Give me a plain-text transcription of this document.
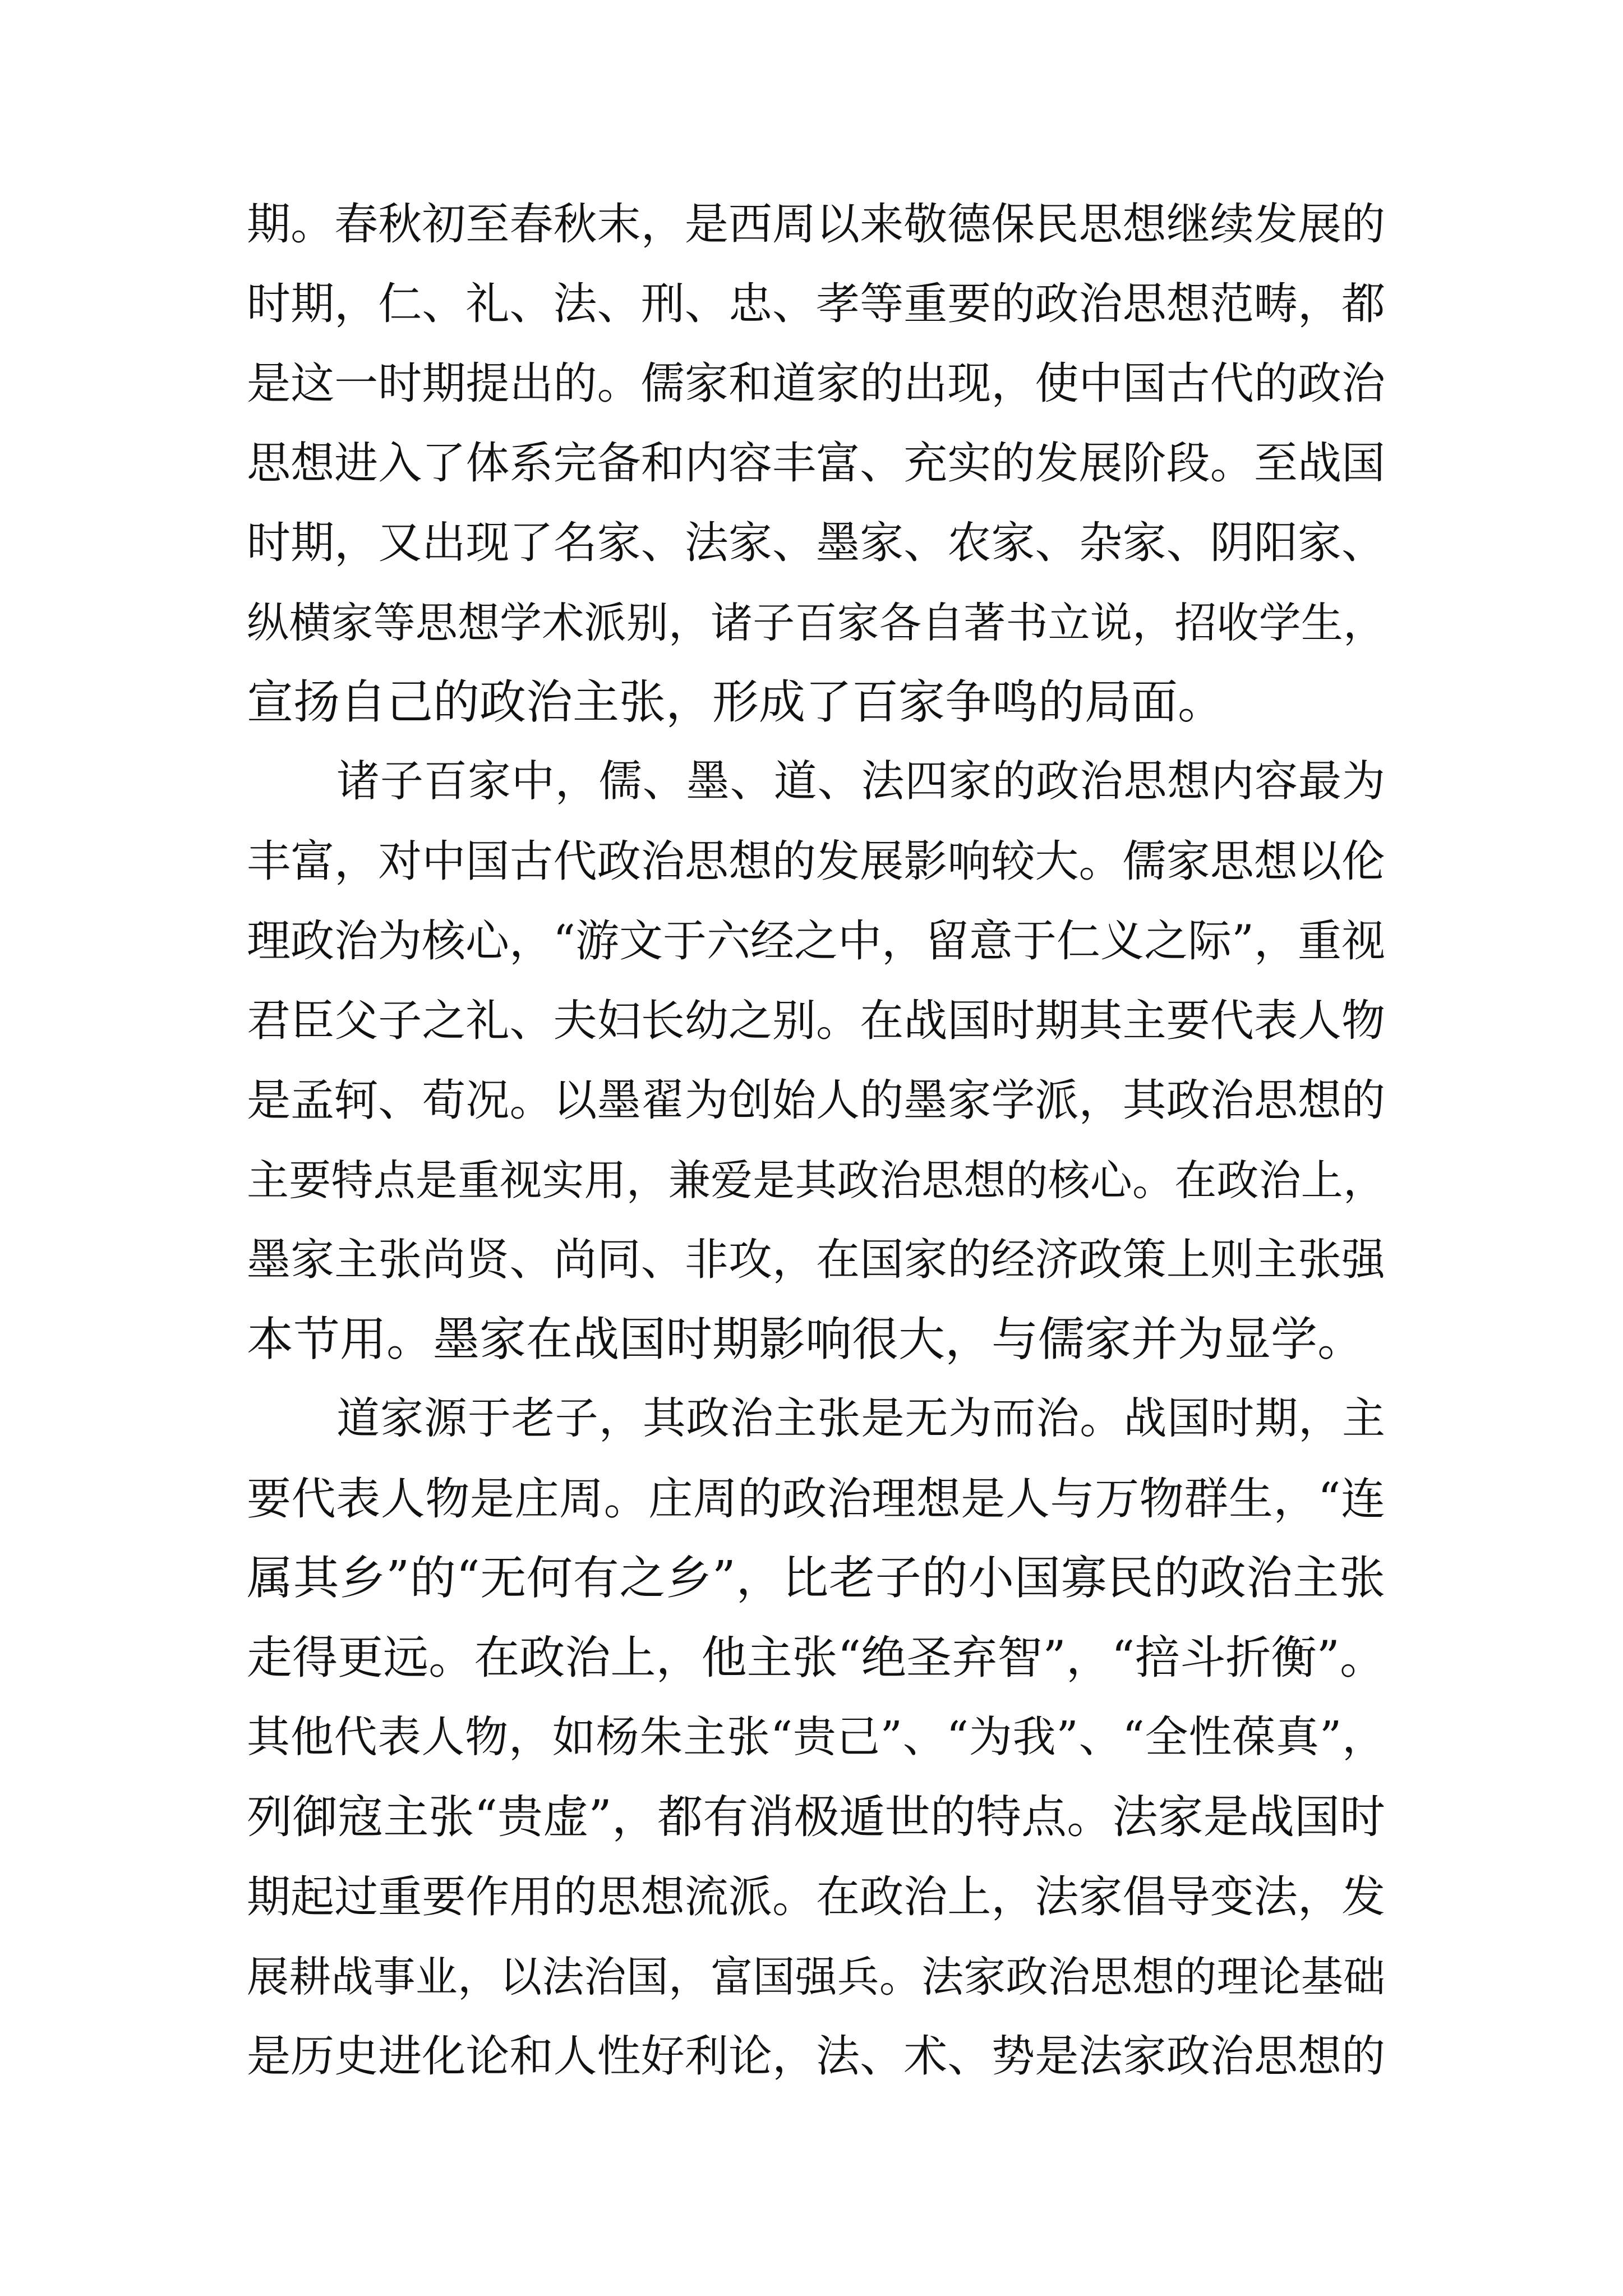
期。春秋初至春秋末，是西周以来敬德保民思想继续发展的

时期，仁、礼、法、刑、忠、孝等重要的政治思想范畴，都

是这一时期提出的。儒家和道家的出现，使中国古代的政治

思想进入了体系完备和内容丰富、充实的发展阶段。至战国

时期，又出现了名家、法家、墨家、农家、杂家、阴阳家、

纵横家等思想学术派别，诸子百家各自著书立说，招收学生，

宣扬自己的政治主张，形成了百家争鸣的局面。

诸子百家中，儒、墨、道、法四家的政治思想内容最为

丰富，对中国古代政治思想的发展影响较大。儒家思想以伦

理政治为核心，“游文于六经之中，留意于仁义之际”，重视

君臣父子之礼、夫妇长幼之别。在战国时期其主要代表人物

是孟轲、荀况。以墨翟为创始人的墨家学派，其政治思想的

主要特点是重视实用，兼爱是其政治思想的核心。在政治上，

墨家主张尚贤、尚同、非攻，在国家的经济政策上则主张强

本节用。墨家在战国时期影响很大，与儒家并为显学。

道家源于老子，其政治主张是无为而治。战国时期，主

要代表人物是庄周。庄周的政治理想是人与万物群生，“连

属其乡”的“无何有之乡”，比老子的小国寡民的政治主张

走得更远。在政治上，他主张“绝圣弃智”，“掊斗折衡”。

其他代表人物，如杨朱主张“贵己”、“为我”、“全性葆真”，

列御寇主张“贵虚”，都有消极遁世的特点。法家是战国时

期起过重要作用的思想流派。在政治上，法家倡导变法，发

展耕战事业，以法治国，富国强兵。法家政治思想的理论基础

是历史进化论和人性好利论，法、术、势是法家政治思想的
